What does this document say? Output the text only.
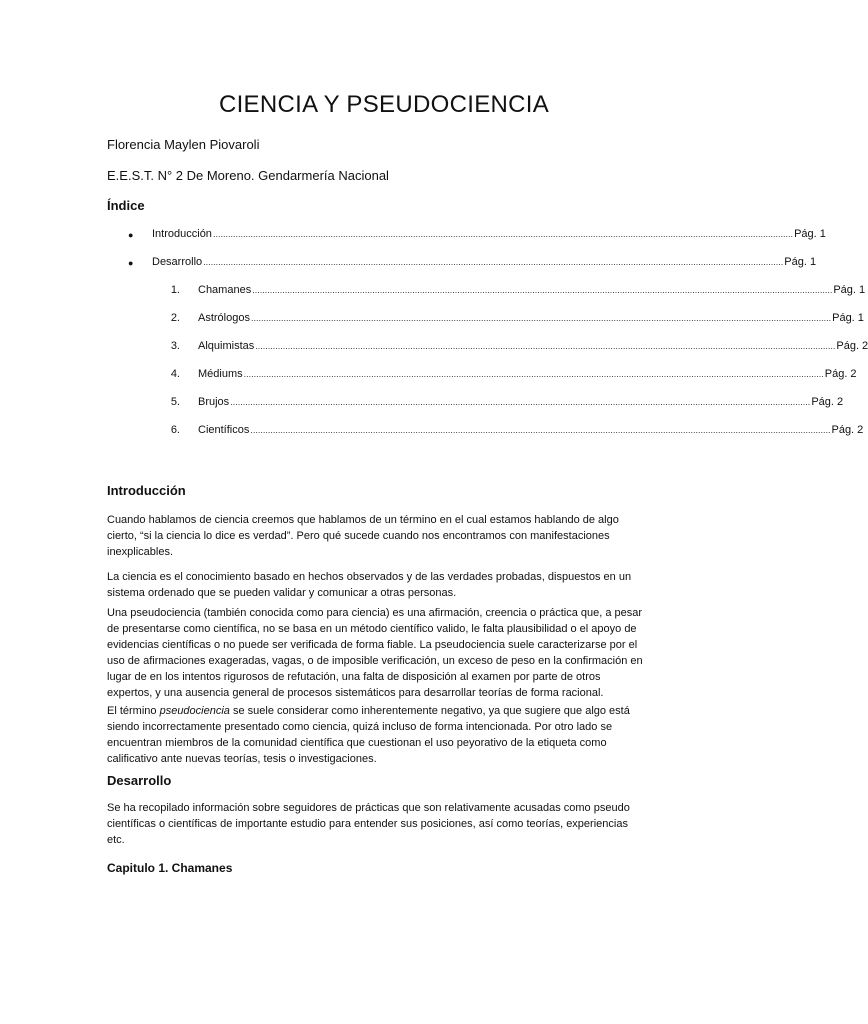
CIENCIA Y PSEUDOCIENCIA
Florencia Maylen Piovaroli
E.E.S.T. N° 2 De Moreno. Gendarmería Nacional
Índice
● Introducción ........................................................................................................................................................................................................................................ Pág. 1
● Desarrollo ........................................................................................................................................................................................................................................ Pág. 1
1. Chamanes ........................................................................................................................................................................................................................................ Pág. 1
2. Astrólogos ........................................................................................................................................................................................................................................ Pág. 1
3. Alquimistas ........................................................................................................................................................................................................................................ Pág. 2
4. Médiums ........................................................................................................................................................................................................................................ Pág. 2
5. Brujos ........................................................................................................................................................................................................................................ Pág. 2
6. Científicos ........................................................................................................................................................................................................................................ Pág. 2
Introducción

Cuando hablamos de ciencia creemos que hablamos de un término en el cual estamos hablando de algo

cierto, “si la ciencia lo dice es verdad”. Pero qué sucede cuando nos encontramos con manifestaciones

inexplicables.

La ciencia es el conocimiento basado en hechos observados y de las verdades probadas, dispuestos en un

sistema ordenado que se pueden validar y comunicar a otras personas.

Una pseudociencia (también conocida como para ciencia) es una afirmación, creencia o práctica que, a pesar

de presentarse como científica, no se basa en un método científico valido, le falta plausibilidad o el apoyo de

evidencias científicas o no puede ser verificada de forma fiable. La pseudociencia suele caracterizarse por el

uso de afirmaciones exageradas, vagas, o de imposible verificación, un exceso de peso en la confirmación en

lugar de en los intentos rigurosos de refutación, una falta de disposición al examen por parte de otros

expertos, y una ausencia general de procesos sistemáticos para desarrollar teorías de forma racional.

El término pseudociencia se suele considerar como inherentemente negativo, ya que sugiere que algo está

siendo incorrectamente presentado como ciencia, quizá incluso de forma intencionada. Por otro lado se

encuentran miembros de la comunidad científica que cuestionan el uso peyorativo de la etiqueta como

calificativo ante nuevas teorías, tesis o investigaciones.

Desarrollo

Se ha recopilado información sobre seguidores de prácticas que son relativamente acusadas como pseudo

científicas o científicas de importante estudio para entender sus posiciones, así como teorías, experiencias

etc.

Capitulo 1. Chamanes
